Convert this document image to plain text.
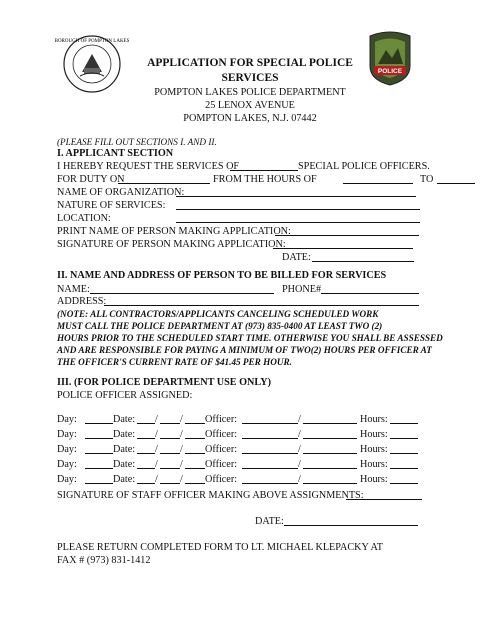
BOROUGH OF POMPTON LAKES
POLICE
APPLICATION FOR SPECIAL POLICE
SERVICES
POMPTON LAKES POLICE DEPARTMENT
25 LENOX AVENUE
POMPTON LAKES, N.J. 07442
(PLEASE FILL OUT SECTIONS I. AND II.
I. APPLICANT SECTION
I HEREBY REQUEST THE SERVICES OF	SPECIAL POLICE OFFICERS.
FOR DUTY ON	FROM THE HOURS OF	TO
NAME OF ORGANIZATION:
NATURE OF SERVICES:
LOCATION:
PRINT NAME OF PERSON MAKING APPLICATION:
SIGNATURE OF PERSON MAKING APPLICATION:
DATE:
II. NAME AND ADDRESS OF PERSON TO BE BILLED FOR SERVICES
NAME:	PHONE#
ADDRESS:
(NOTE: ALL CONTRACTORS/APPLICANTS CANCELING SCHEDULED WORK
MUST CALL THE POLICE DEPARTMENT AT (973) 835-0400 AT LEAST TWO (2)
HOURS PRIOR TO THE SCHEDULED START TIME. OTHERWISE YOU SHALL BE ASSESSED
AND ARE RESPONSIBLE FOR PAYING A MINIMUM OF TWO(2) HOURS PER OFFICER AT
THE OFFICER'S CURRENT RATE OF $41.45 PER HOUR.
III. (FOR POLICE DEPARTMENT USE ONLY)
POLICE OFFICER ASSIGNED:
Day:	Date: / / Officer:	/	Hours:
Day:	Date: / / Officer:	/	Hours:
Day:	Date: / / Officer:	/	Hours:
Day:	Date: / / Officer:	/	Hours:
Day:	Date: / / Officer:	/	Hours:
SIGNATURE OF STAFF OFFICER MAKING ABOVE ASSIGNMENTS:
DATE:
PLEASE RETURN COMPLETED FORM TO LT. MICHAEL KLEPACKY AT
FAX # (973) 831-1412
